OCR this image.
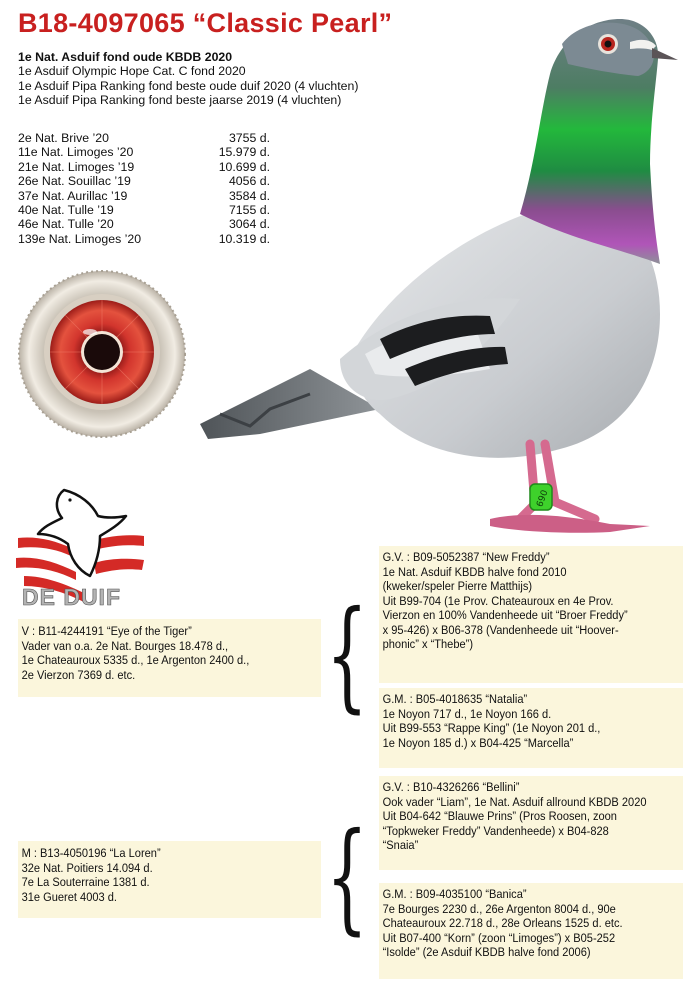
B18-4097065 “Classic Pearl”
1e Nat. Asduif fond oude KBDB 2020
1e Asduif Olympic Hope Cat. C fond 2020
1e Asduif Pipa Ranking fond beste oude duif 2020 (4 vluchten)
1e Asduif Pipa Ranking fond beste jaarse 2019 (4 vluchten)
2e Nat. Brive ’20	3755 d.
11e Nat. Limoges ’20	15.979 d.
21e Nat. Limoges ’19	10.699 d.
26e Nat. Souillac ’19	4056 d.
37e Nat. Aurillac ’19	3584 d.
40e Nat. Tulle ’19	7155 d.
46e Nat. Tulle ’20	3064 d.
139e Nat. Limoges ’20	10.319 d.
690
DE DUIF
V : B11-4244191 “Eye of the Tiger”
Vader van o.a. 2e Nat. Bourges 18.478 d.,
1e Chateauroux 5335 d., 1e Argenton 2400 d.,
2e Vierzon 7369 d. etc.	{
G.V. : B09-5052387 “New Freddy”
1e Nat. Asduif KBDB halve fond 2010
(kweker/speler Pierre Matthijs)
Uit B99-704 (1e Prov. Chateauroux en 4e Prov.
Vierzon en 100% Vandenheede uit “Broer Freddy”
x 95-426) x B06-378 (Vandenheede uit “Hoover-
phonic” x “Thebe”)
G.M. : B05-4018635 “Natalia”
1e Noyon 717 d., 1e Noyon 166 d.
Uit B99-553 “Rappe King” (1e Noyon 201 d.,
1e Noyon 185 d.) x B04-425 “Marcella”
M : B13-4050196 “La Loren”
32e Nat. Poitiers 14.094 d.
7e La Souterraine 1381 d.
31e Gueret 4003 d.	{
G.V. : B10-4326266 “Bellini”
Ook vader “Liam”, 1e Nat. Asduif allround KBDB 2020
Uit B04-642 “Blauwe Prins” (Pros Roosen, zoon
“Topkweker Freddy” Vandenheede) x B04-828
“Snaia”
G.M. : B09-4035100 “Banica”
7e Bourges 2230 d., 26e Argenton 8004 d., 90e
Chateauroux 22.718 d., 28e Orleans 1525 d. etc.
Uit B07-400 “Korn” (zoon “Limoges”) x B05-252
“Isolde” (2e Asduif KBDB halve fond 2006)
